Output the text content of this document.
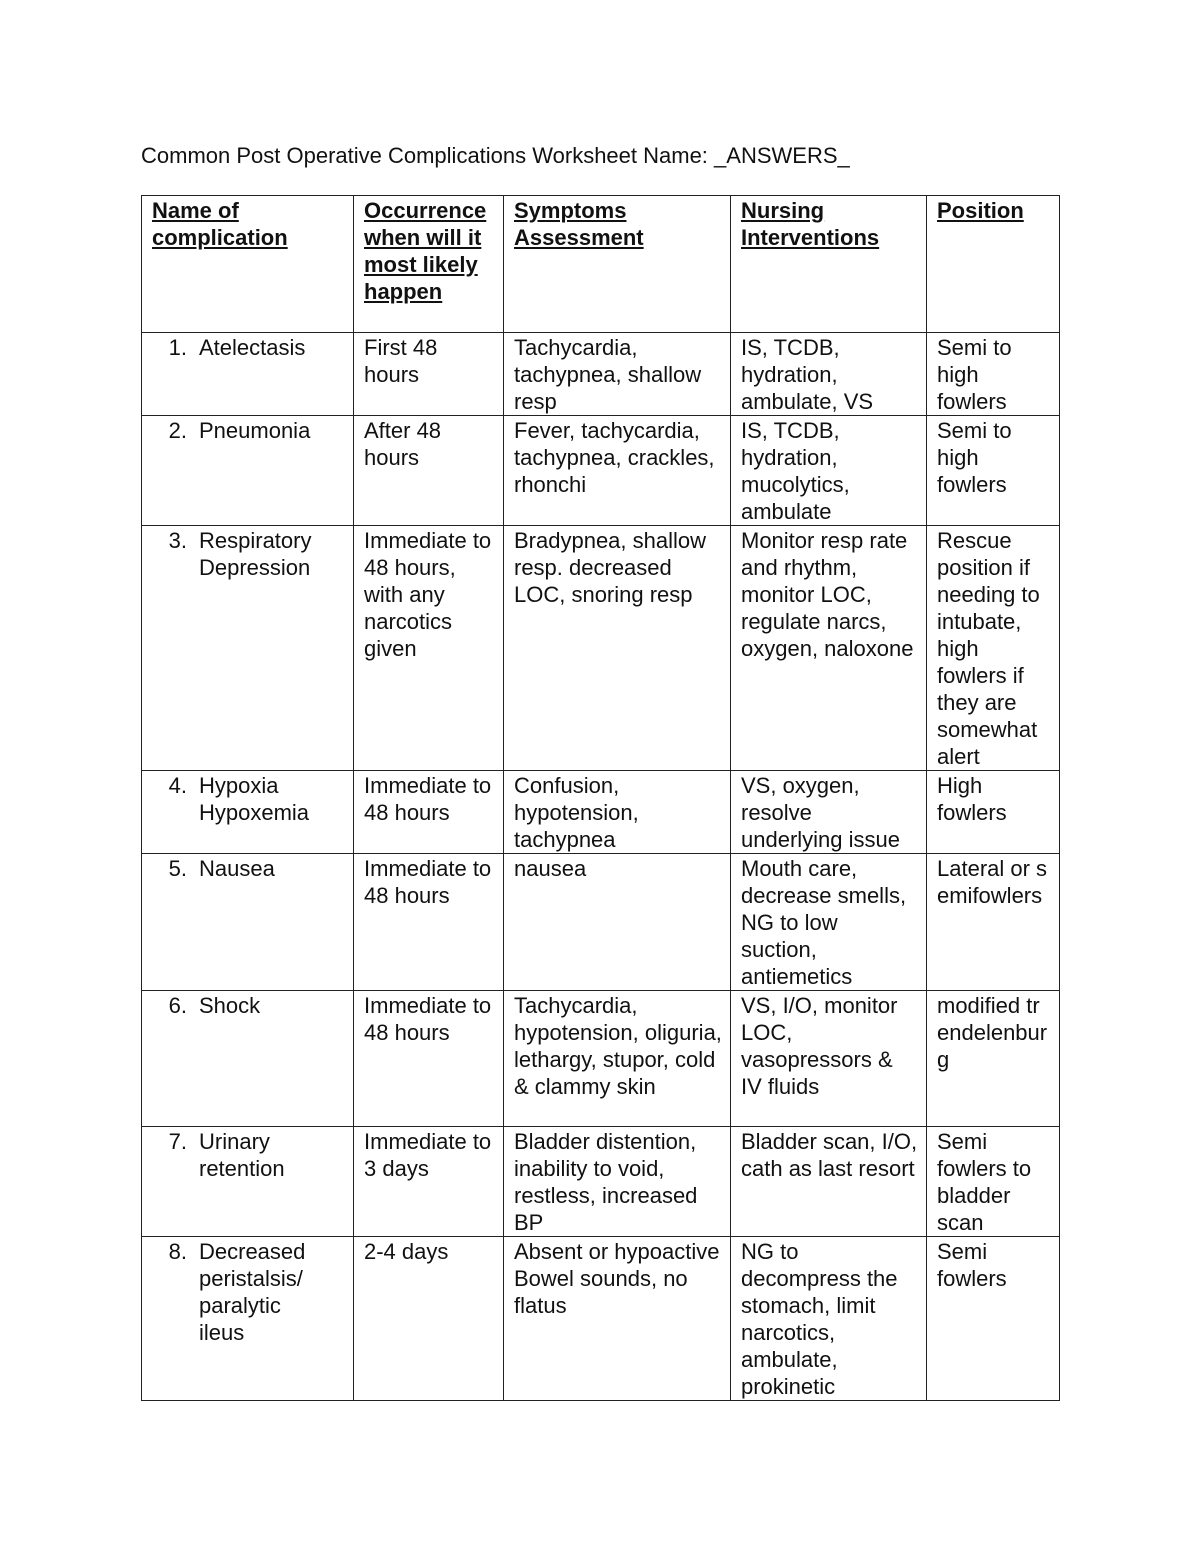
Common Post Operative Complications Worksheet Name: _ANSWERS_
Name of complication	Occurrence when will it most likely happen	Symptoms Assessment	Nursing Interventions	Position
1. Atelectasis	First 48 hours	Tachycardia, tachypnea, shallow resp	IS, TCDB, hydration, ambulate, VS	Semi to high fowlers
2. Pneumonia	After 48 hours	Fever, tachycardia, tachypnea, crackles, rhonchi	IS, TCDB, hydration, mucolytics, ambulate	Semi to high fowlers
3. Respiratory Depression	Immediate to 48 hours, with any narcotics given	Bradypnea, shallow resp. decreased LOC, snoring resp	Monitor resp rate and rhythm, monitor LOC, regulate narcs, oxygen, naloxone	Rescue position if needing to intubate, high fowlers if they are somewhat alert
4. Hypoxia Hypoxemia	Immediate to 48 hours	Confusion, hypotension, tachypnea	VS, oxygen, resolve underlying issue	High fowlers
5. Nausea	Immediate to 48 hours	nausea	Mouth care, decrease smells, NG to low suction, antiemetics	Lateral or semifowlers
6. Shock	Immediate to 48 hours	Tachycardia, hypotension, oliguria, lethargy, stupor, cold & clammy skin	VS, I/O, monitor LOC, vasopressors & IV fluids	modified trendelenburg
7. Urinary retention	Immediate to 3 days	Bladder distention, inability to void, restless, increased BP	Bladder scan, I/O, cath as last resort	Semi fowlers to bladder scan
8. Decreased peristalsis/ paralytic ileus	2-4 days	Absent or hypoactive Bowel sounds, no flatus	NG to decompress the stomach, limit narcotics, ambulate, prokinetic	Semi fowlers
